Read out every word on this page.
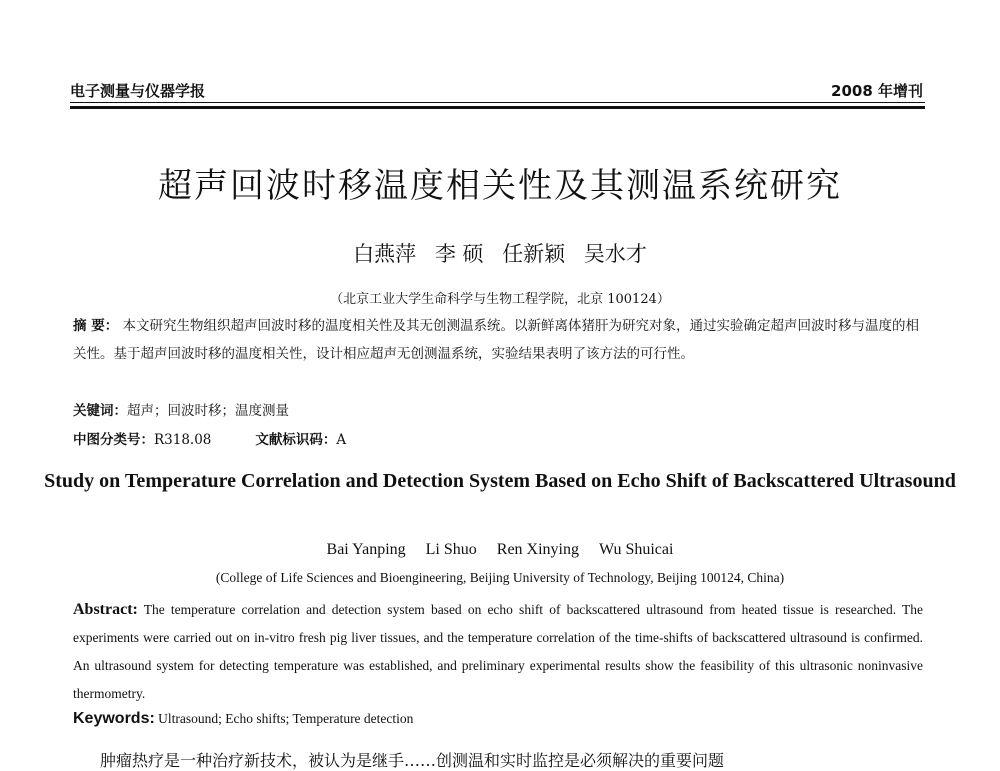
电子测量与仪器学报	2008 年增刊
超声回波时移温度相关性及其测温系统研究
白燕萍 李 硕 任新颖 吴水才
（北京工业大学生命科学与生物工程学院，北京 100124）
摘 要： 本文研究生物组织超声回波时移的温度相关性及其无创测温系统。以新鲜离体猪肝为研究对象，通过实验确定超声回波时移与温度的相关性。基于超声回波时移的温度相关性，设计相应超声无创测温系统，实验结果表明了该方法的可行性。
关键词：超声；回波时移；温度测量
中图分类号：R318.08	文献标识码：A
Study on Temperature Correlation and Detection System Based on Echo Shift of Backscattered Ultrasound
Bai Yanping Li Shuo Ren Xinying Wu Shuicai
(College of Life Sciences and Bioengineering, Beijing University of Technology, Beijing 100124, China)
Abstract: The temperature correlation and detection system based on echo shift of backscattered ultrasound from heated tissue is researched. The experiments were carried out on in-vitro fresh pig liver tissues, and the temperature correlation of the time-shifts of backscattered ultrasound is confirmed. An ultrasound system for detecting temperature was established, and preliminary experimental results show the feasibility of this ultrasonic noninvasive thermometry.
Keywords: Ultrasound; Echo shifts; Temperature detection
肿瘤热疗是一种治疗新技术，被认为是继手……创测温和实时监控是必须解决的重要问题
